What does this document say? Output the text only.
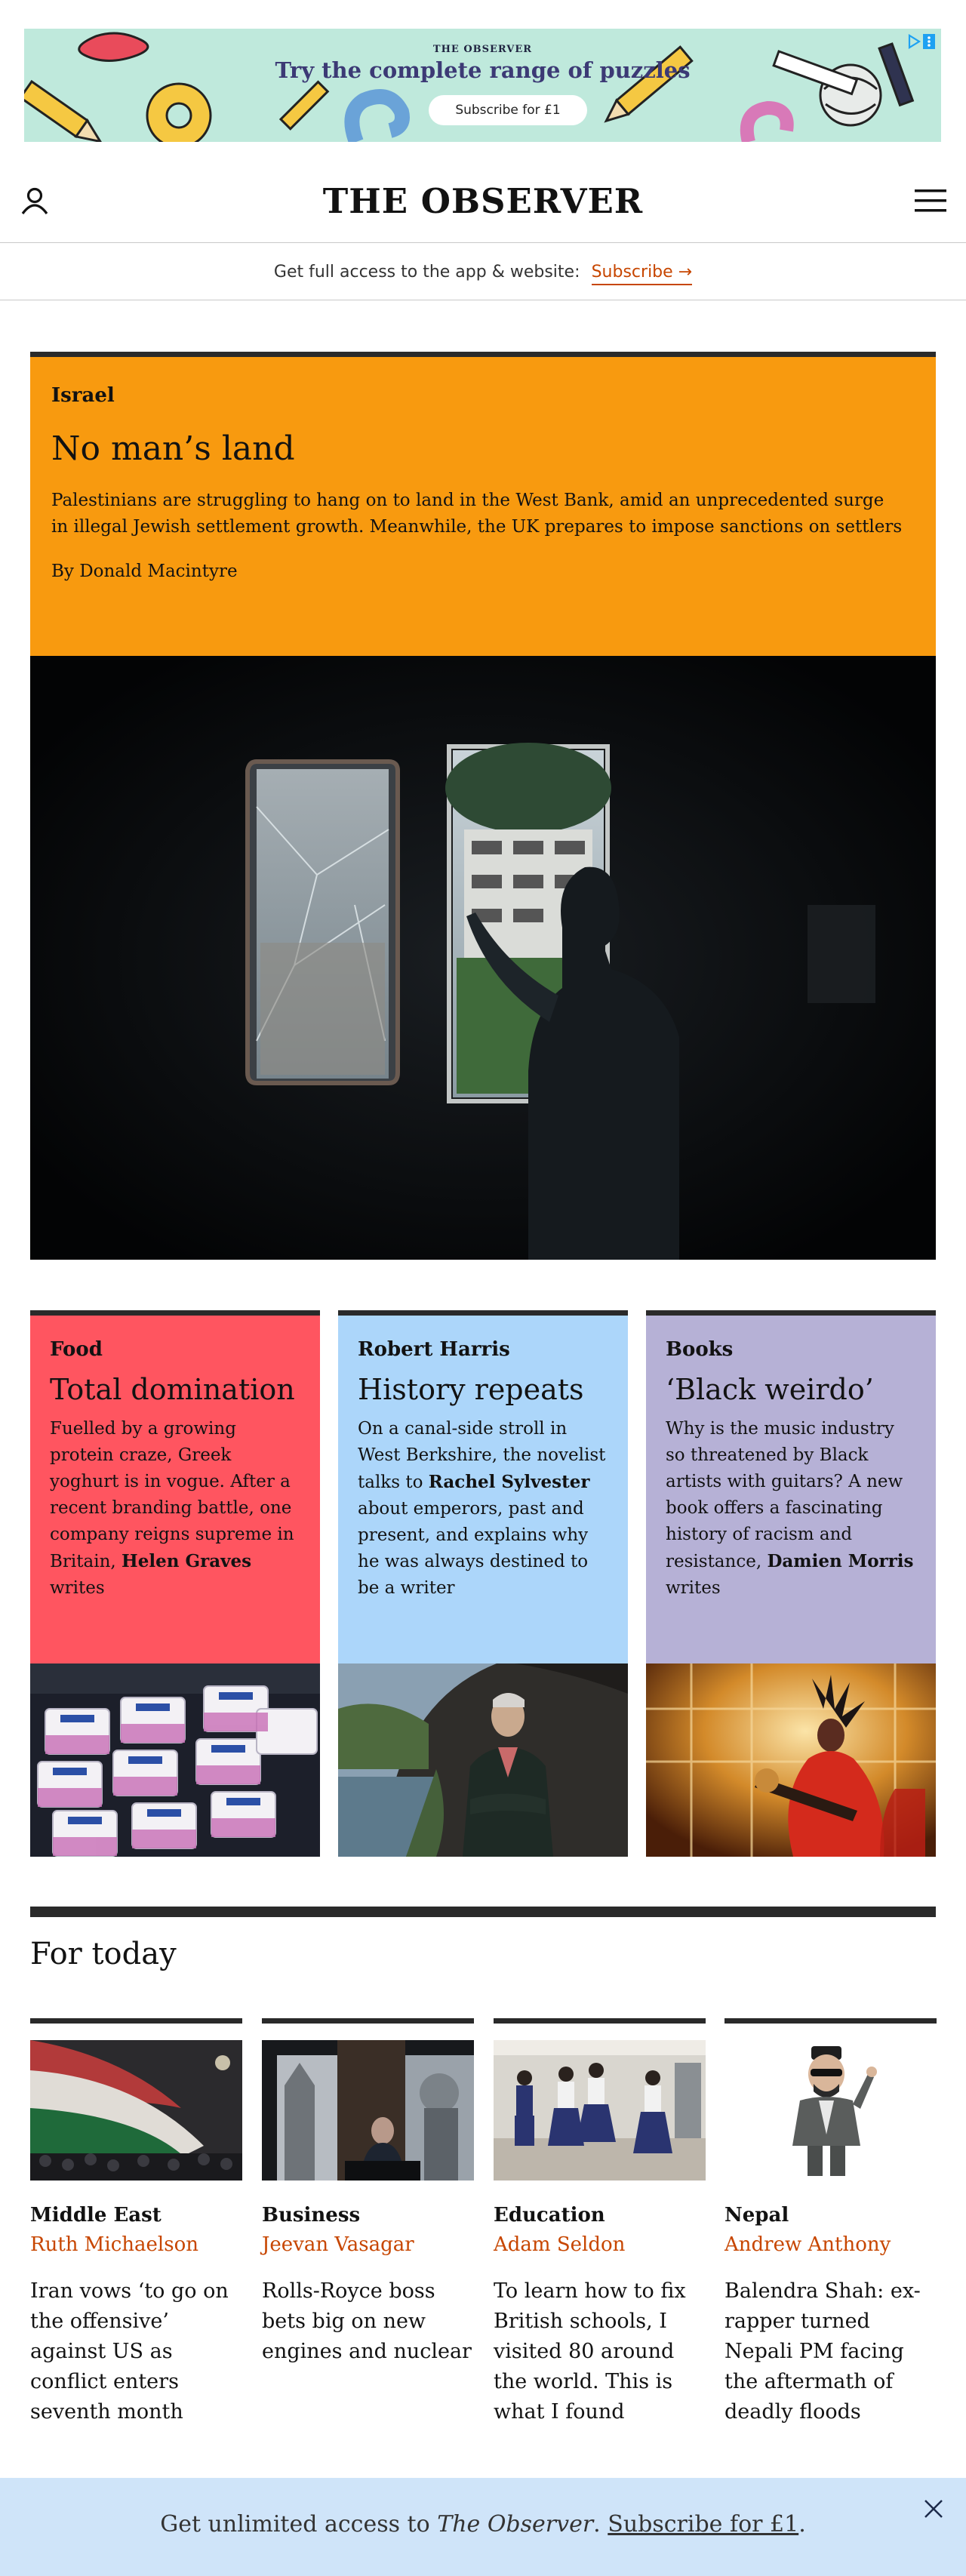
THE OBSERVER
Try the complete range of puzzles
Subscribe for £1
THE OBSERVER
Get full access to the app & website: Subscribe →
Israel
No man’s land
Palestinians are struggling to hang on to land in the West Bank, amid an unprecedented surge in illegal Jewish settlement growth. Meanwhile, the UK prepares to impose sanctions on settlers
By Donald Macintyre
Food
Total domination
Fuelled by a growing protein craze, Greek yoghurt is in vogue. After a recent branding battle, one company reigns supreme in Britain, Helen Graves writes
Robert Harris
History repeats
On a canal-side stroll in West Berkshire, the novelist talks to Rachel Sylvester about emperors, past and present, and explains why he was always destined to be a writer
Books
‘Black weirdo’
Why is the music industry so threatened by Black artists with guitars? A new book offers a fascinating history of racism and resistance, Damien Morris writes
For today
Middle East
Ruth Michaelson
Iran vows ‘to go on the offensive’ against US as conflict enters seventh month
Business
Jeevan Vasagar
Rolls-Royce boss bets big on new engines and nuclear
Education
Adam Seldon
To learn how to fix British schools, I visited 80 around the world. This is what I found
Nepal
Andrew Anthony
Balendra Shah: ex-rapper turned Nepali PM facing the aftermath of deadly floods
Get unlimited access to The Observer. Subscribe for £1.
